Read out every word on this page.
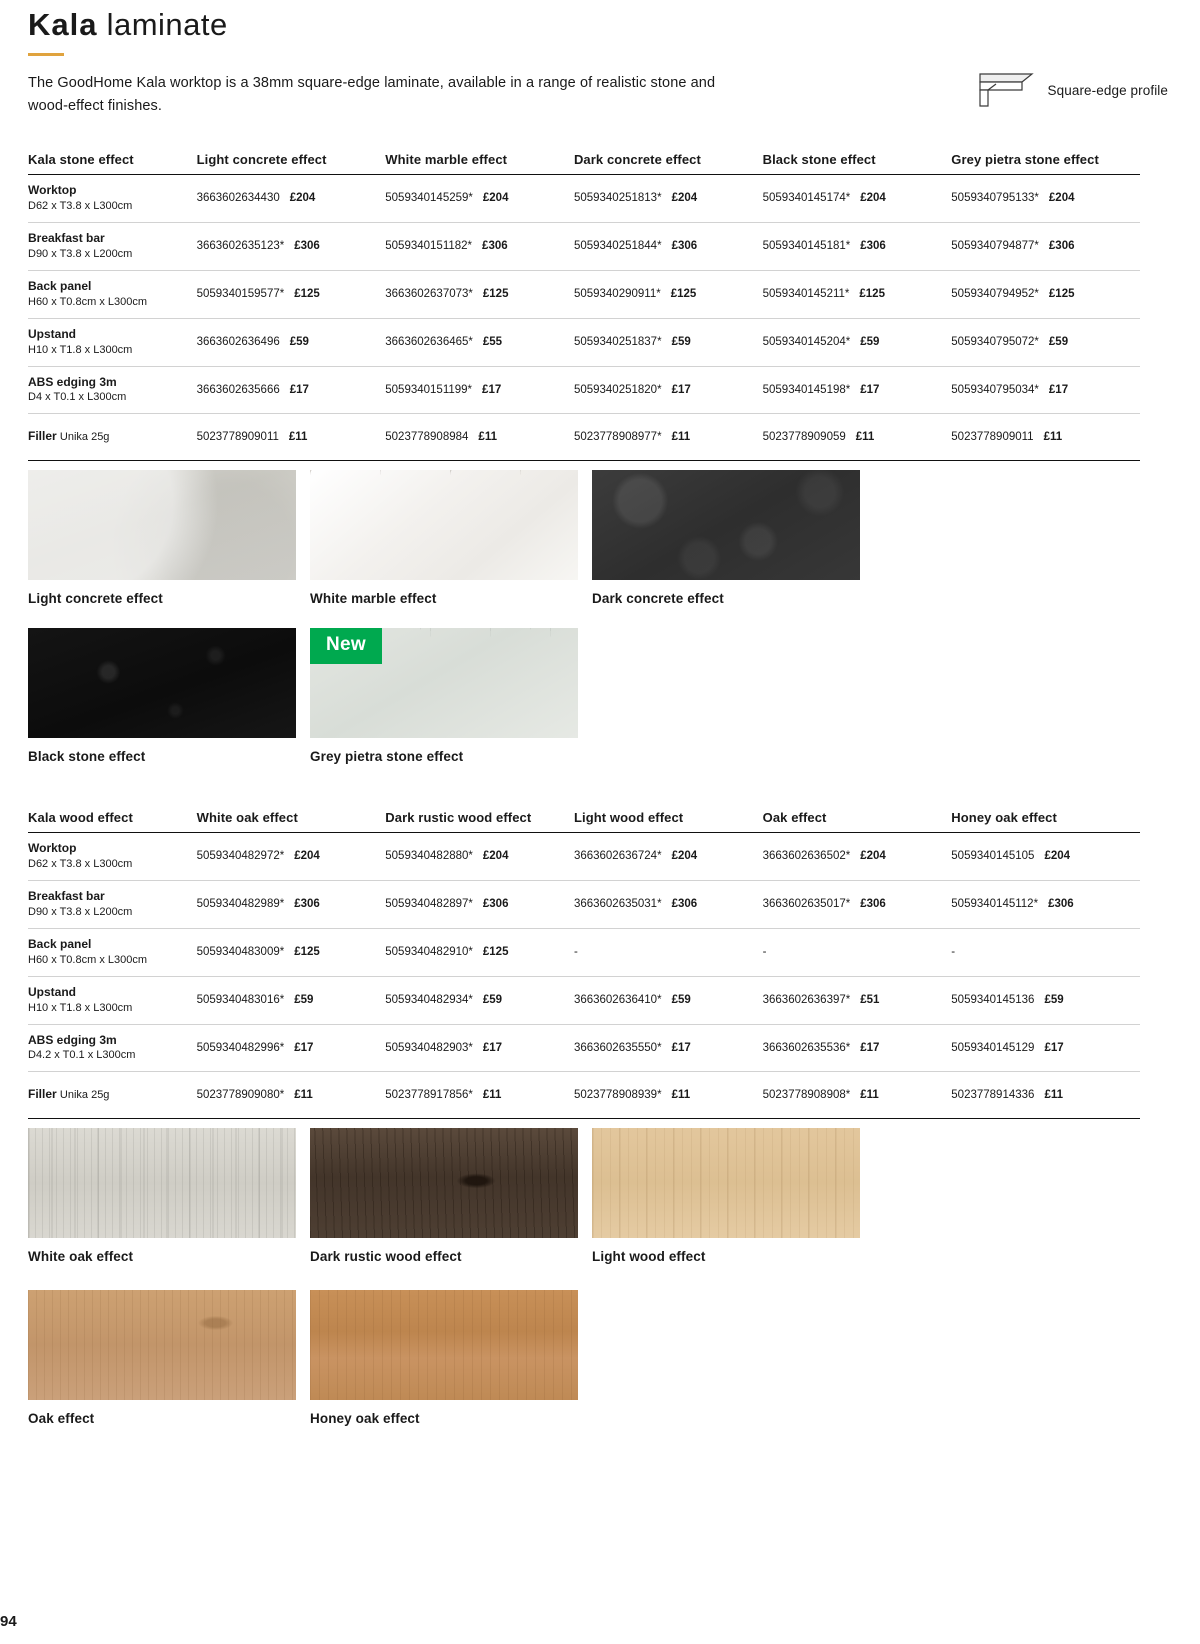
Kala laminate
The GoodHome Kala worktop is a 38mm square-edge laminate, available in a range of realistic stone and wood-effect finishes.
Square-edge profile
Kala stone effect	Light concrete effect	White marble effect	Dark concrete effect	Black stone effect	Grey pietra stone effect
Worktop
D62 x T3.8 x L300cm	3663602634430 £204	5059340145259* £204	5059340251813* £204	5059340145174* £204	5059340795133* £204

Breakfast bar
D90 x T3.8 x L200cm	3663602635123* £306	5059340151182* £306	5059340251844* £306	5059340145181* £306	5059340794877* £306

Back panel
H60 x T0.8cm x L300cm	5059340159577* £125	3663602637073* £125	5059340290911* £125	5059340145211* £125	5059340794952* £125

Upstand
H10 x T1.8 x L300cm	3663602636496 £59	3663602636465* £55	5059340251837* £59	5059340145204* £59	5059340795072* £59

ABS edging 3m
D4 x T0.1 x L300cm	3663602635666 £17	5059340151199* £17	5059340251820* £17	5059340145198* £17	5059340795034* £17

Filler Unika 25g	5023778909011 £11	5023778908984 £11	5023778908977* £11	5023778909059 £11	5023778909011 £11
Light concrete effect	White marble effect	Dark concrete effect
Black stone effect
New
Grey pietra stone effect
Kala wood effect	White oak effect	Dark rustic wood effect	Light wood effect	Oak effect	Honey oak effect
Worktop
D62 x T3.8 x L300cm	5059340482972* £204	5059340482880* £204	3663602636724* £204	3663602636502* £204	5059340145105 £204

Breakfast bar
D90 x T3.8 x L200cm	5059340482989* £306	5059340482897* £306	3663602635031* £306	3663602635017* £306	5059340145112* £306

Back panel
H60 x T0.8cm x L300cm	5059340483009* £125	5059340482910* £125	-	-	-

Upstand
H10 x T1.8 x L300cm	5059340483016* £59	5059340482934* £59	3663602636410* £59	3663602636397* £51	5059340145136 £59

ABS edging 3m
D4.2 x T0.1 x L300cm	5059340482996* £17	5059340482903* £17	3663602635550* £17	3663602635536* £17	5059340145129 £17

Filler Unika 25g	5023778909080* £11	5023778917856* £11	5023778908939* £11	5023778908908* £11	5023778914336 £11
White oak effect	Dark rustic wood effect	Light wood effect
Oak effect	Honey oak effect
94
